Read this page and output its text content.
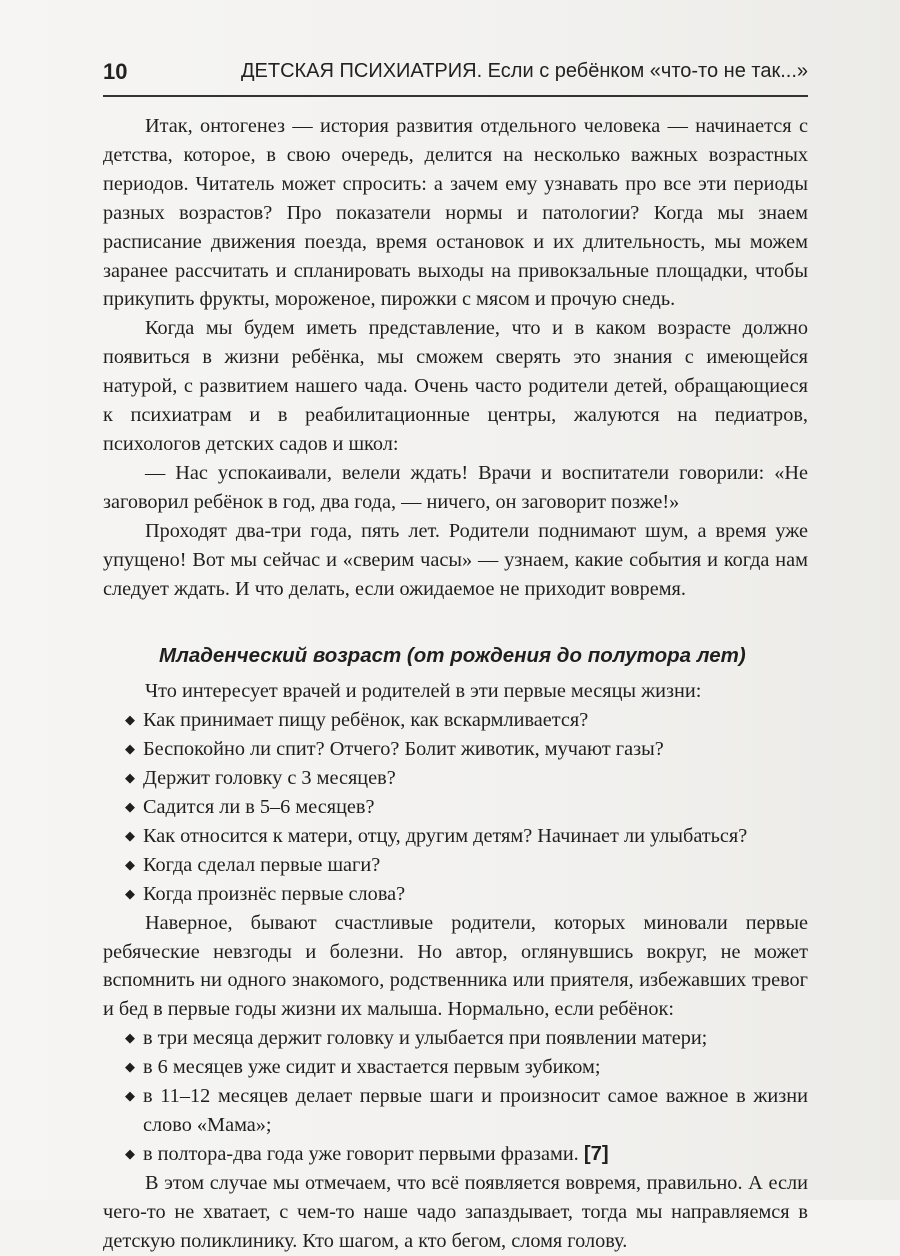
10	ДЕТСКАЯ ПСИХИАТРИЯ. Если с ребёнком «что-то не так...»

Итак, онтогенез — история развития отдельного человека — начинается с детства, которое, в свою очередь, делится на несколько важных возрастных периодов. Читатель может спросить: а зачем ему узнавать про все эти периоды разных возрастов? Про показатели нормы и патологии? Когда мы знаем расписание движения поезда, время остановок и их длительность, мы можем заранее рассчитать и спланировать выходы на привокзальные площадки, чтобы прикупить фрукты, мороженое, пирожки с мясом и прочую снедь.

Когда мы будем иметь представление, что и в каком возрасте должно появиться в жизни ребёнка, мы сможем сверять это знания с имеющейся натурой, с развитием нашего чада. Очень часто родители детей, обращающиеся к психиатрам и в реабилитационные центры, жалуются на педиатров, психологов детских садов и школ:

— Нас успокаивали, велели ждать! Врачи и воспитатели говорили: «Не заговорил ребёнок в год, два года, — ничего, он заговорит позже!»

Проходят два-три года, пять лет. Родители поднимают шум, а время уже упущено! Вот мы сейчас и «сверим часы» — узнаем, какие события и когда нам следует ждать. И что делать, если ожидаемое не приходит вовремя.

Младенческий возраст (от рождения до полутора лет)

Что интересует врачей и родителей в эти первые месяцы жизни:

◆ Как принимает пищу ребёнок, как вскармливается?
◆ Беспокойно ли спит? Отчего? Болит животик, мучают газы?
◆ Держит головку с 3 месяцев?
◆ Садится ли в 5–6 месяцев?
◆ Как относится к матери, отцу, другим детям? Начинает ли улыбаться?
◆ Когда сделал первые шаги?
◆ Когда произнёс первые слова?

Наверное, бывают счастливые родители, которых миновали первые ребяческие невзгоды и болезни. Но автор, оглянувшись вокруг, не может вспомнить ни одного знакомого, родственника или приятеля, избежавших тревог и бед в первые годы жизни их малыша. Нормально, если ребёнок:

◆ в три месяца держит головку и улыбается при появлении матери;
◆ в 6 месяцев уже сидит и хвастается первым зубиком;
◆ в 11–12 месяцев делает первые шаги и произносит самое важное в жизни слово «Мама»;
◆ в полтора-два года уже говорит первыми фразами. [7]

В этом случае мы отмечаем, что всё появляется вовремя, правильно. А если чего-то не хватает, с чем-то наше чадо запаздывает, тогда мы направляемся в детскую поликлинику. Кто шагом, а кто бегом, сломя голову.
